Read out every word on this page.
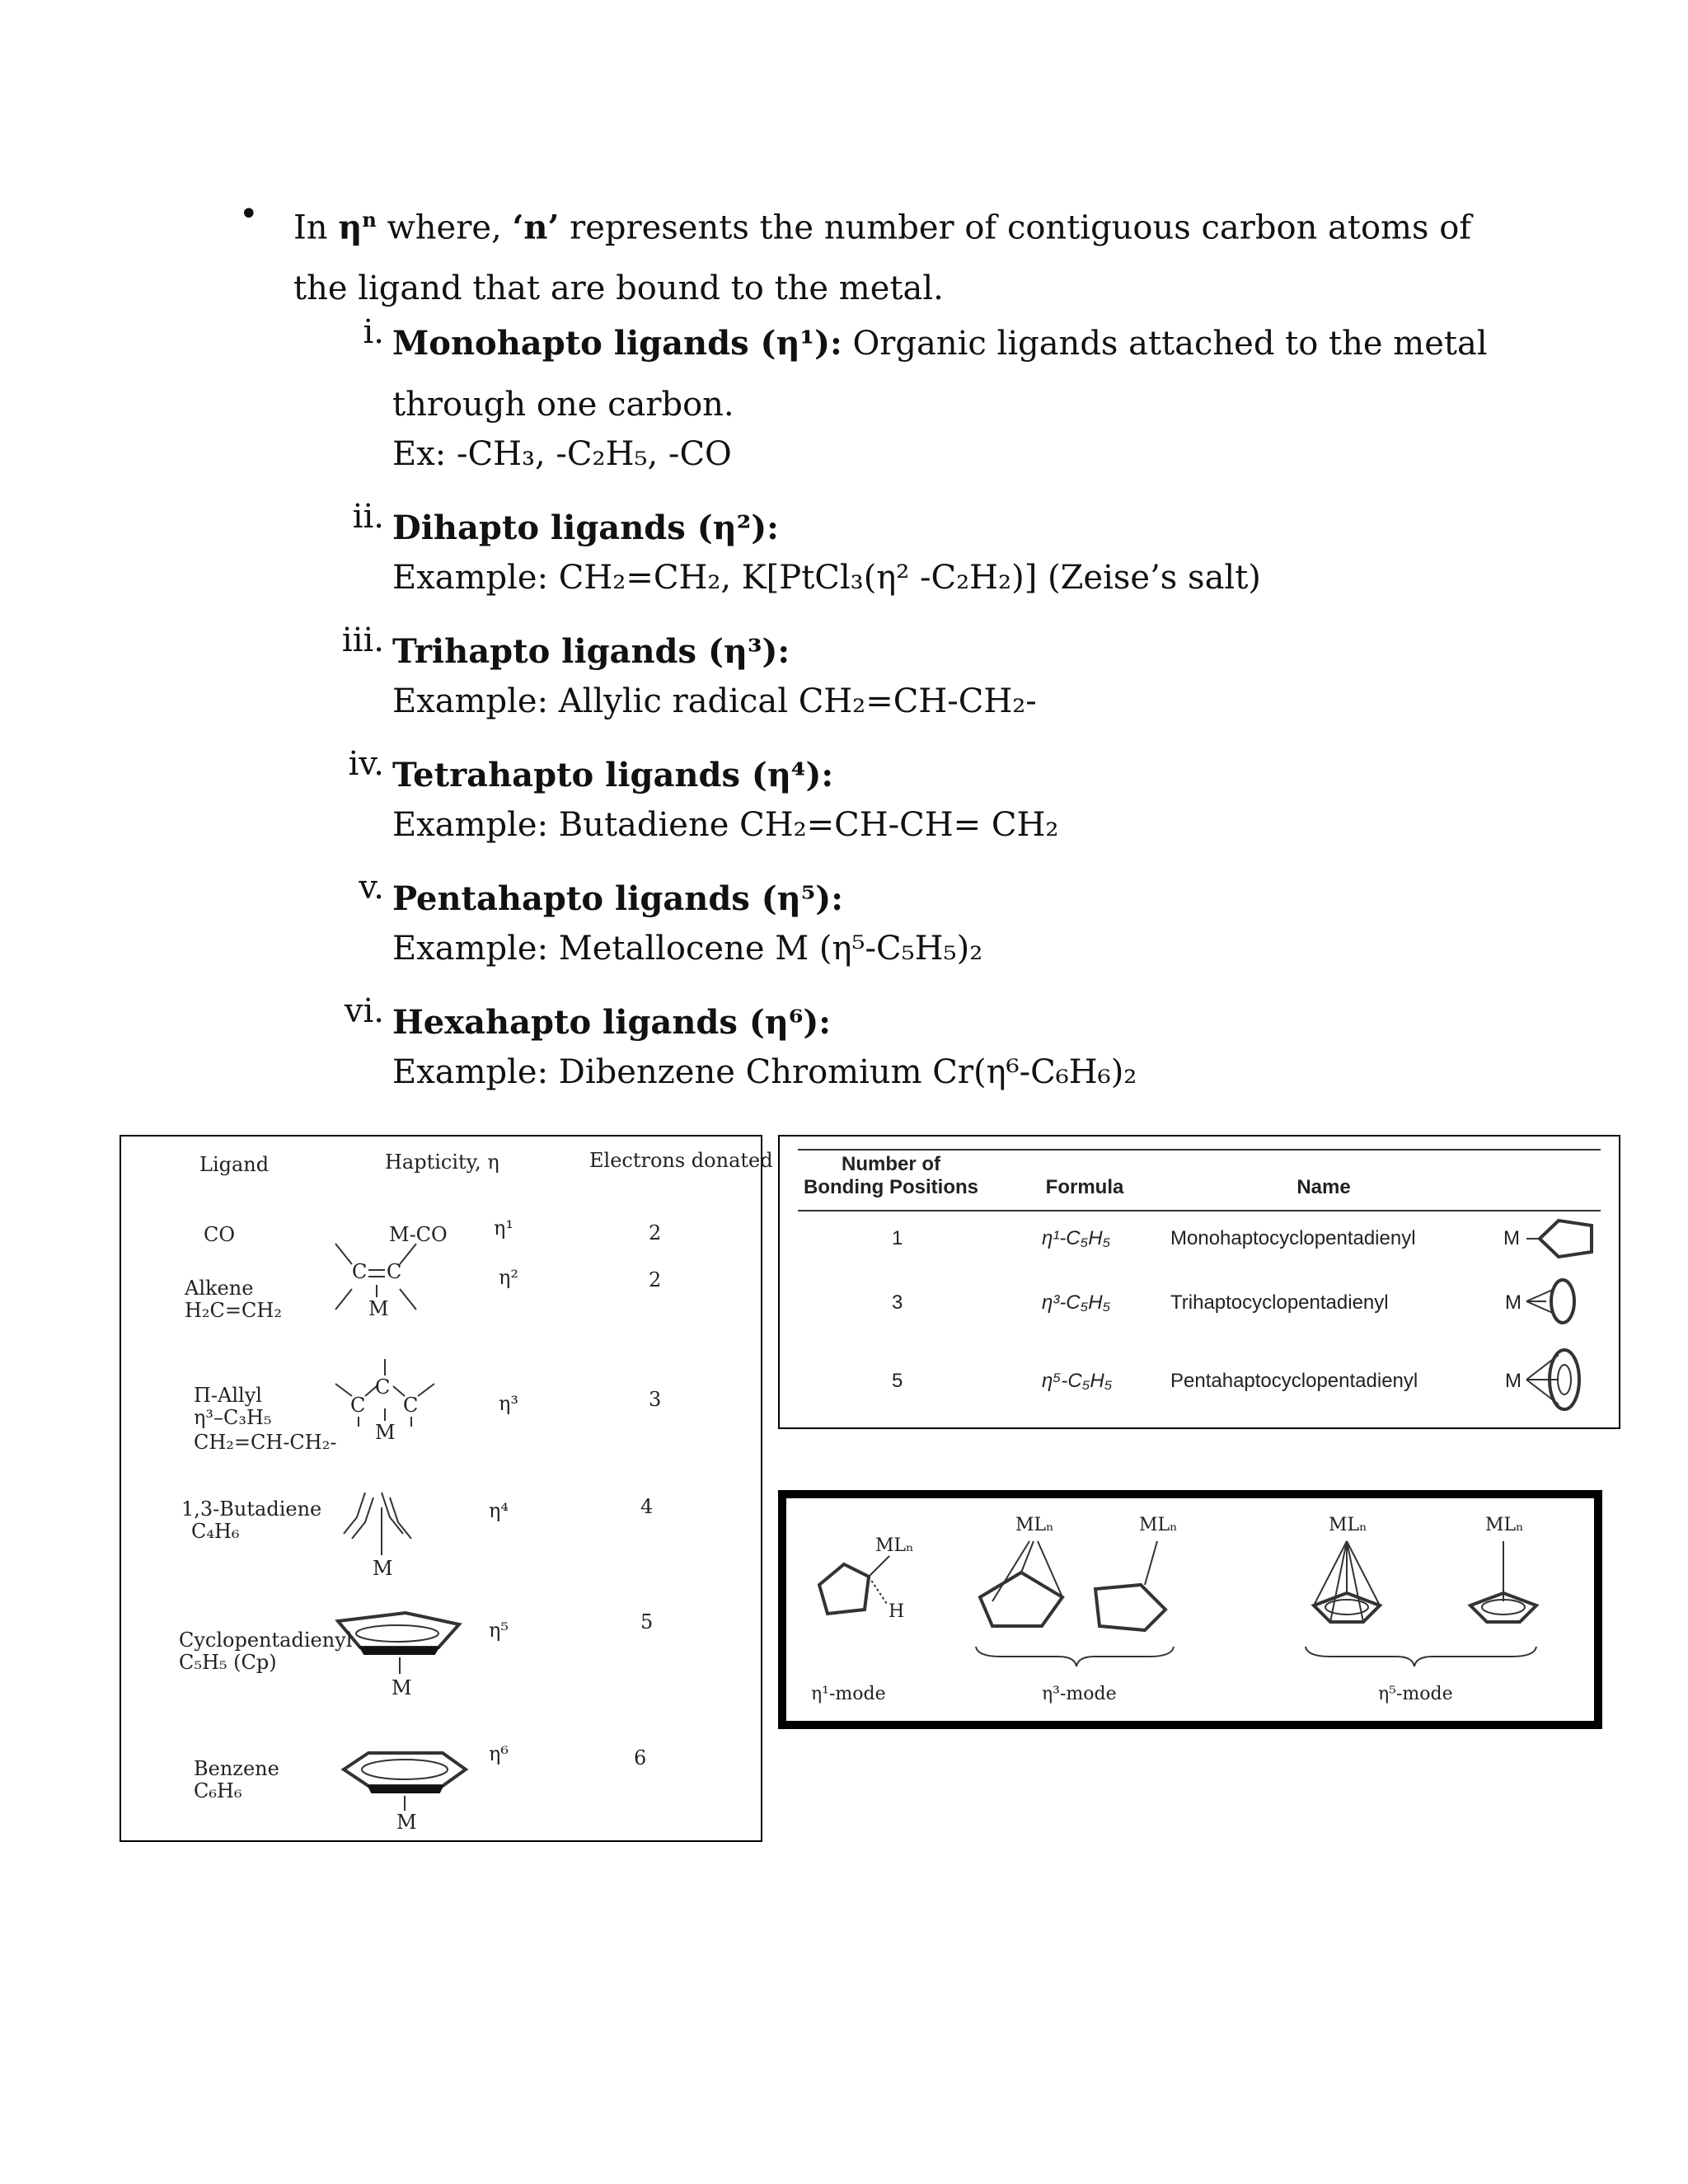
• In $\eta^n$ where, ‘n’ represents the number of contiguous carbon atoms of the ligand that are bound to the metal.
i. Monohapto ligands (η¹): Organic ligands attached to the metal through one carbon.
Ex: -CH₃, -C₂H₅, -CO
ii. Dihapto ligands (η²):
Example: CH₂=CH₂, K[PtCl₃(η² -C₂H₂)] (Zeise’s salt)
iii. Trihapto ligands (η³):
Example: Allylic radical CH₂=CH-CH₂-
iv. Tetrahapto ligands (η⁴):
Example: Butadiene CH₂=CH-CH= CH₂
v. Pentahapto ligands (η⁵):
Example: Metallocene M (η⁵-C₅H₅)₂
vi. Hexahapto ligands (η⁶):
Example: Dibenzene Chromium Cr(η⁶-C₆H₆)₂
Ligand	Hapticity, η	Electrons donated
CO	M-CO η¹	2
Alkene
H₂C=CH₂
C C
M
η²	2
Π-Allyl
η³–C₃H₅
CH₂=CH-CH₂-
C
C C
M
η³	3
1,3-Butadiene
C₄H₆
M
η⁴	4
Cyclopentadienyl
C₅H₅ (Cp)
M
η⁵	5
Benzene
C₆H₆
M
η⁶	6
Number of
Bonding Positions	Formula	Name
1	η¹-C₅H₅	Monohaptocyclopentadienyl	M
3	η³-C₅H₅	Trihaptocyclopentadienyl	M
5	η⁵-C₅H₅	Pentahaptocyclopentadienyl	M
MLₙ
H
MLₙ	MLₙ	MLₙ	MLₙ
η¹-mode	η³-mode	η⁵-mode
